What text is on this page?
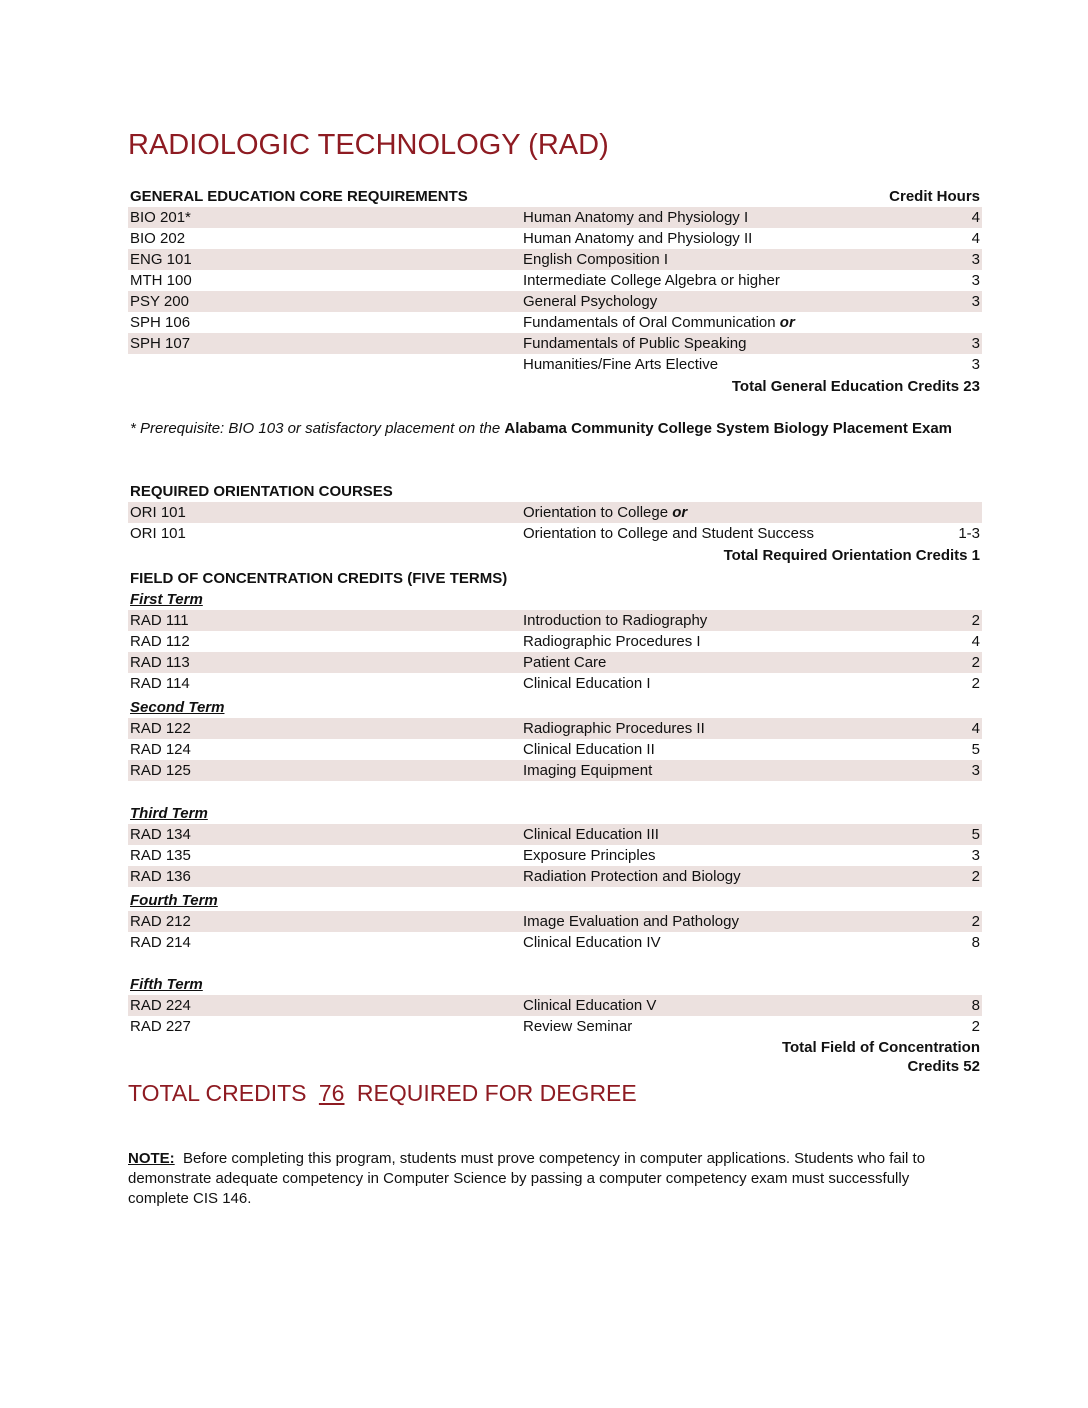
RADIOLOGIC TECHNOLOGY (RAD)
GENERAL EDUCATION CORE REQUIREMENTS	Credit Hours
BIO 201*	Human Anatomy and Physiology I	4
BIO 202	Human Anatomy and Physiology II	4
ENG 101	English Composition I	3
MTH 100	Intermediate College Algebra or higher	3
PSY 200	General Psychology	3
SPH 106	Fundamentals of Oral Communication or
SPH 107	Fundamentals of Public Speaking	3
Humanities/Fine Arts Elective	3
Total General Education Credits 23
* Prerequisite: BIO 103 or satisfactory placement on the Alabama Community College System Biology Placement Exam
REQUIRED ORIENTATION COURSES
ORI 101	Orientation to College or
ORI 101	Orientation to College and Student Success	1-3
Total Required Orientation Credits 1
FIELD OF CONCENTRATION CREDITS (FIVE TERMS)
First Term
RAD 111	Introduction to Radiography	2
RAD 112	Radiographic Procedures I	4
RAD 113	Patient Care	2
RAD 114	Clinical Education I	2
Second Term
RAD 122	Radiographic Procedures II	4
RAD 124	Clinical Education II	5
RAD 125	Imaging Equipment	3
Third Term
RAD 134	Clinical Education III	5
RAD 135	Exposure Principles	3
RAD 136	Radiation Protection and Biology	2
Fourth Term
RAD 212	Image Evaluation and Pathology	2
RAD 214	Clinical Education IV	8
Fifth Term
RAD 224	Clinical Education V	8
RAD 227	Review Seminar	2
Total Field of Concentration
Credits 52
TOTAL CREDITS 76 REQUIRED FOR DEGREE
NOTE: Before completing this program, students must prove competency in computer applications. Students who fail to demonstrate adequate competency in Computer Science by passing a computer competency exam must successfully complete CIS 146.
